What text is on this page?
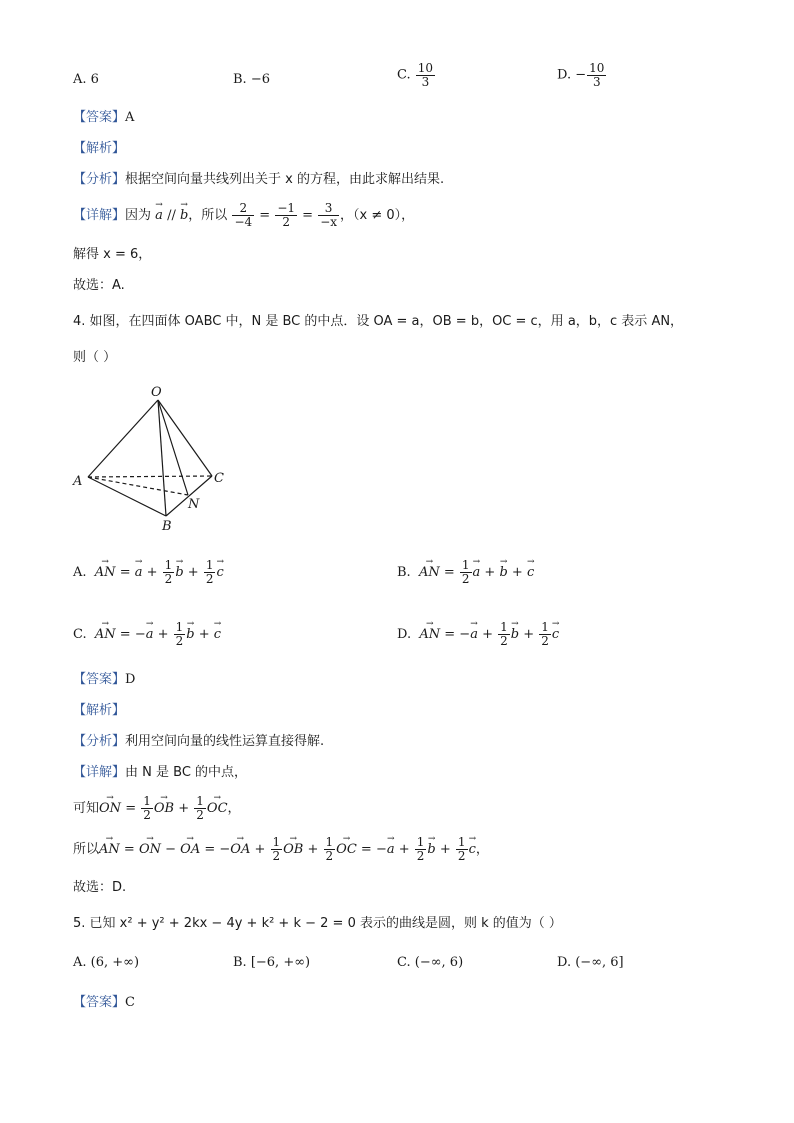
A. 6	B. −6	C. $\frac{10}{3}$	D. − $\frac{10}{3}$
【答案】A
【解析】
【分析】根据空间向量共线列出关于 x 的方程，由此求解出结果.
【详解】因为 → a // → b，所以 $\frac{2}{-4} = \frac{-1}{2} = \frac{3}{-x}$ ，（x ≠ 0），
解得 x = 6，
故选：A.
4. 如图，在四面体 OABC 中，N 是 BC 的中点．设 OA = a，OB = b，OC = c，用 a，b，c 表示 AN，
则（ ）
O
A
B
C
N
A.  → AN = → $a + \frac{1}{2}$
→ $b + \frac{1}{2}$
→ c	B.  → AN = $\frac{1}{2}$
→ a + → b + → c
C.  → AN = −→ $a + \frac{1}{2}$
→ b + → c	D.  → AN = −→ $a + \frac{1}{2}$
→ $b + \frac{1}{2}$
→ c
【答案】D
【解析】
【分析】利用空间向量的线性运算直接得解.
【详解】由 N 是 BC 的中点，
可知→ ON = $\frac{1}{2}$
→ OB + $\frac{1}{2}$
→ OC，
所以→ AN = → ON − → OA = −→ OA + $\frac{1}{2}$
→ OB + $\frac{1}{2}$
→ OC = −→ $a + \frac{1}{2}$
→ $b + \frac{1}{2}$
→ c，
故选：D.
5. 已知 x² + y² + 2kx − 4y + k² + k − 2 = 0 表示的曲线是圆，则 k 的值为（ ）
A. (6, +∞)	B. [−6, +∞)	C. (−∞, 6)	D. (−∞, 6]
【答案】C
